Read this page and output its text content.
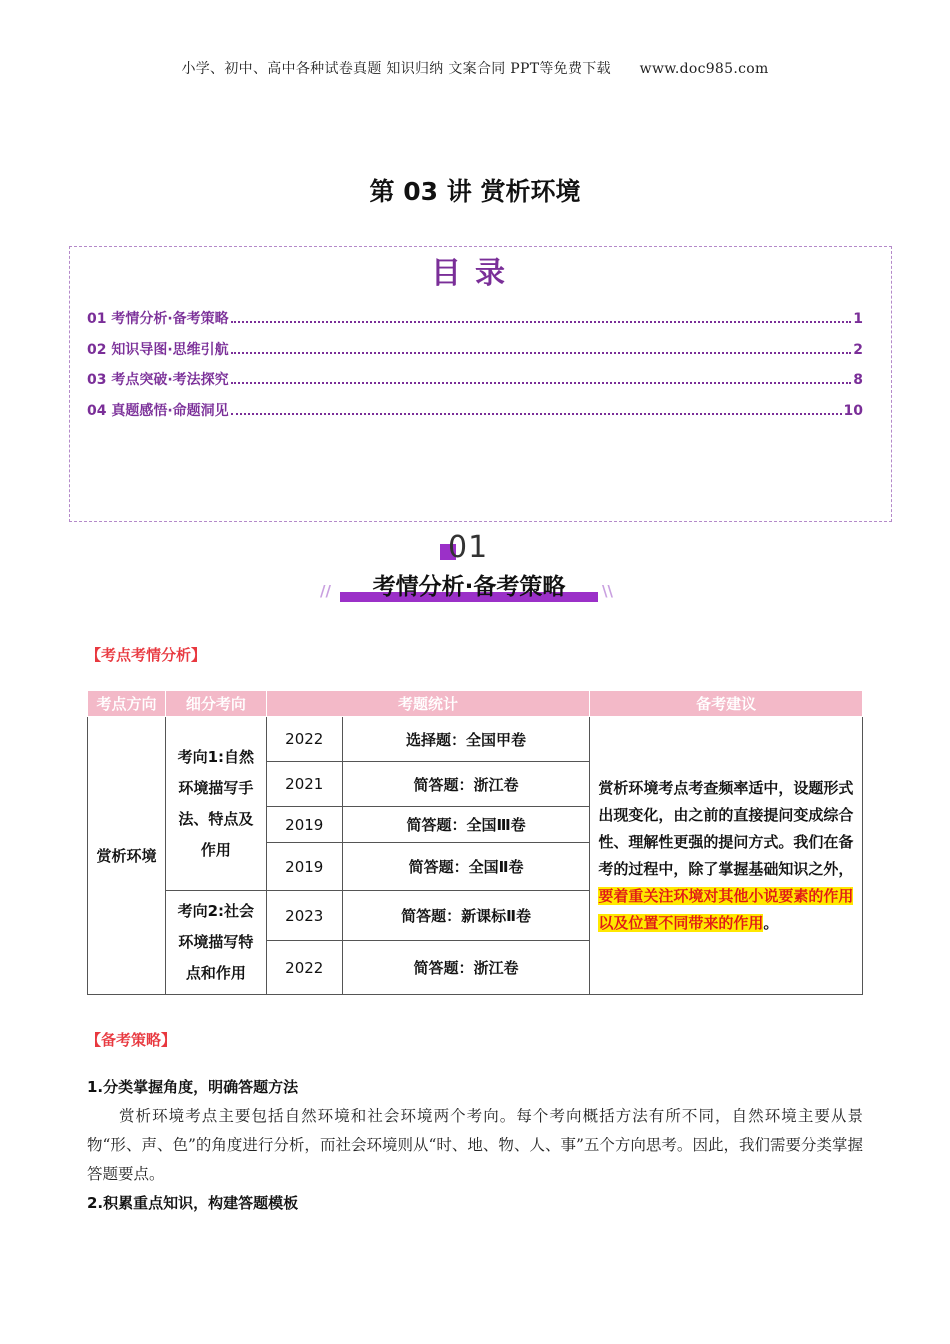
小学、初中、高中各种试卷真题 知识归纳 文案合同 PPT等免费下载 www.doc985.com
第 03 讲 赏析环境
目录
01 考情分析·备考策略	1
02 知识导图·思维引航	2
03 考点突破·考法探究	8
04 真题感悟·命题洞见	10
01
考情分析·备考策略
//	\\
【考点考情分析】
考点方向	细分考向	考题统计		备考建议
赏析环境	考向1:自然环境描写手法、特点及作用	2022	选择题：全国甲卷	赏析环境考点考查频率适中，设题形式出现变化，由之前的直接提问变成综合性、理解性更强的提问方式。我们在备考的过程中，除了掌握基础知识之外，要着重关注环境对其他小说要素的作用以及位置不同带来的作用。
		2021	简答题：浙江卷	
		2019	简答题：全国Ⅲ卷	
		2019	简答题：全国Ⅱ卷	
	考向2:社会环境描写特点和作用	2023	简答题：新课标Ⅱ卷	
		2022	简答题：浙江卷	
【备考策略】
1.分类掌握角度，明确答题方法
赏析环境考点主要包括自然环境和社会环境两个考向。每个考向概括方法有所不同，自然环境主要从景物“形、声、色”的角度进行分析，而社会环境则从“时、地、物、人、事”五个方向思考。因此，我们需要分类掌握答题要点。
2.积累重点知识，构建答题模板
